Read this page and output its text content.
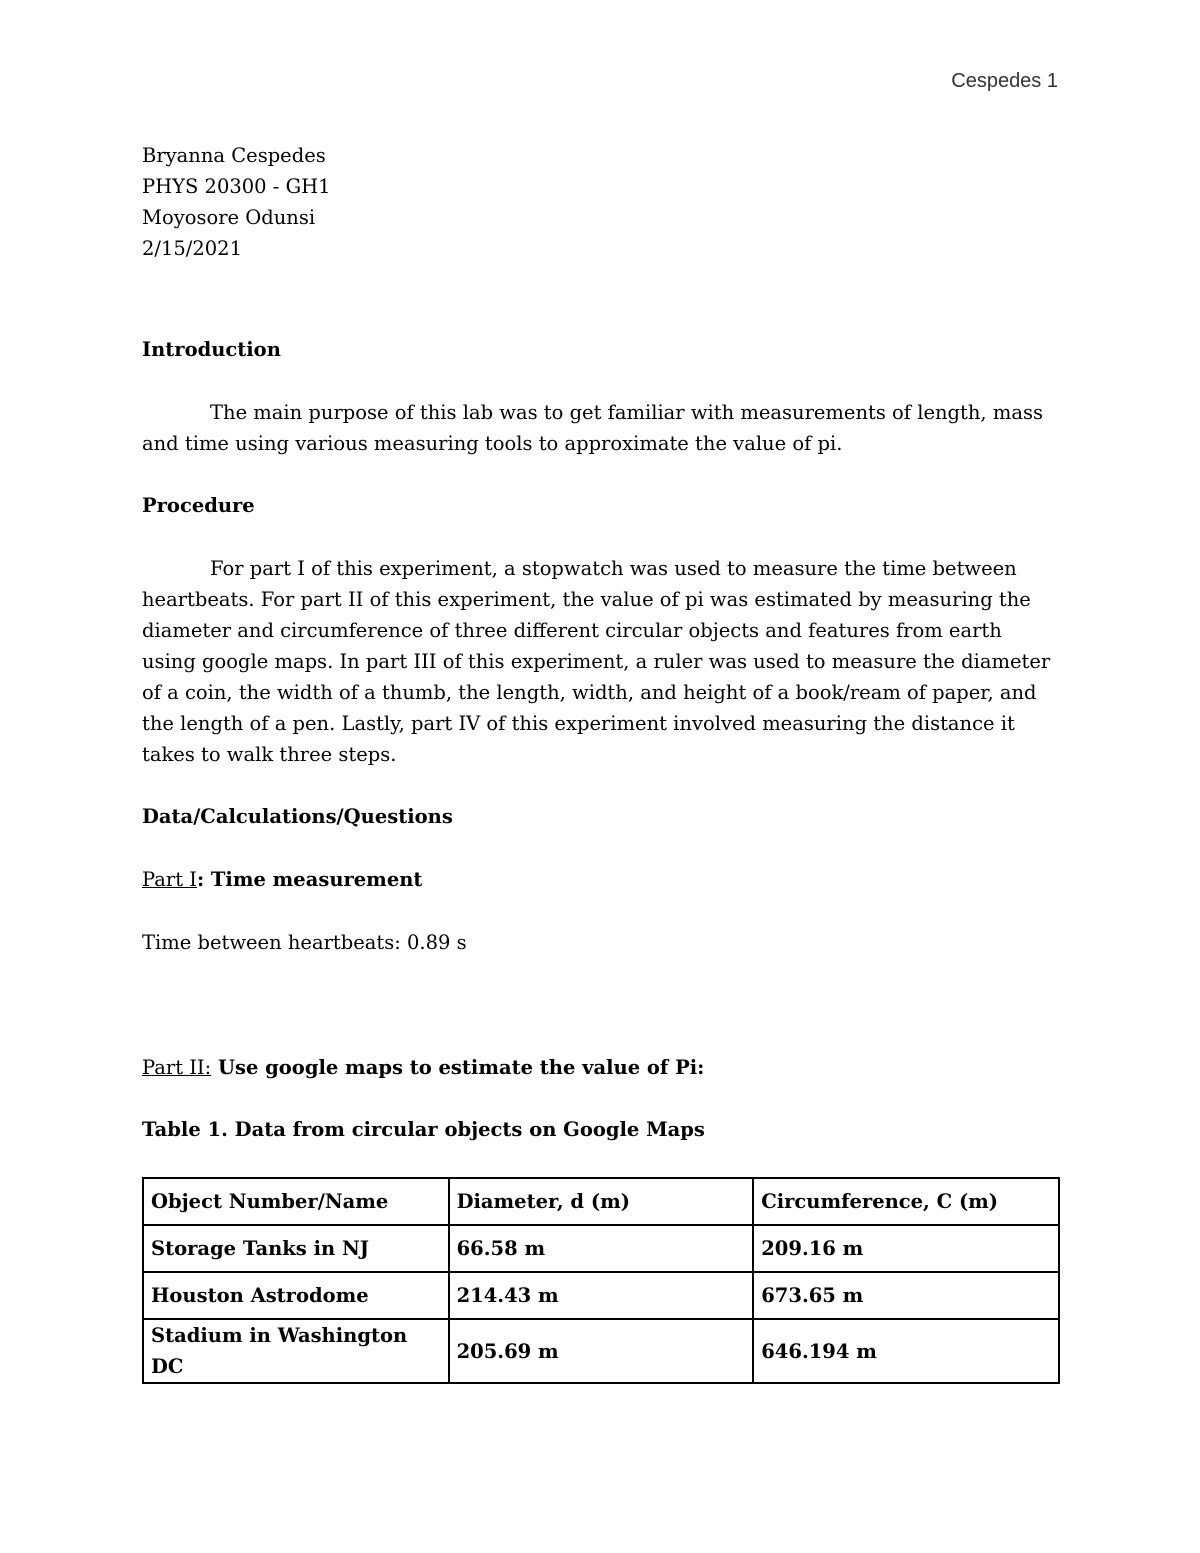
Cespedes 1

Bryanna Cespedes

PHYS 20300 - GH1

Moyosore Odunsi

2/15/2021

Introduction

The main purpose of this lab was to get familiar with measurements of length, mass and time using various measuring tools to approximate the value of pi.

Procedure

For part I of this experiment, a stopwatch was used to measure the time between heartbeats. For part II of this experiment, the value of pi was estimated by measuring the diameter and circumference of three different circular objects and features from earth using google maps. In part III of this experiment, a ruler was used to measure the diameter of a coin, the width of a thumb, the length, width, and height of a book/ream of paper, and the length of a pen. Lastly, part IV of this experiment involved measuring the distance it takes to walk three steps.

Data/Calculations/Questions

Part I: Time measurement

Time between heartbeats: 0.89 s

Part II: Use google maps to estimate the value of Pi:

Table 1. Data from circular objects on Google Maps

Object Number/Name	Diameter, d (m)	Circumference, C (m)
Storage Tanks in NJ	66.58 m	209.16 m
Houston Astrodome	214.43 m	673.65 m
Stadium in Washington DC	205.69 m	646.194 m
